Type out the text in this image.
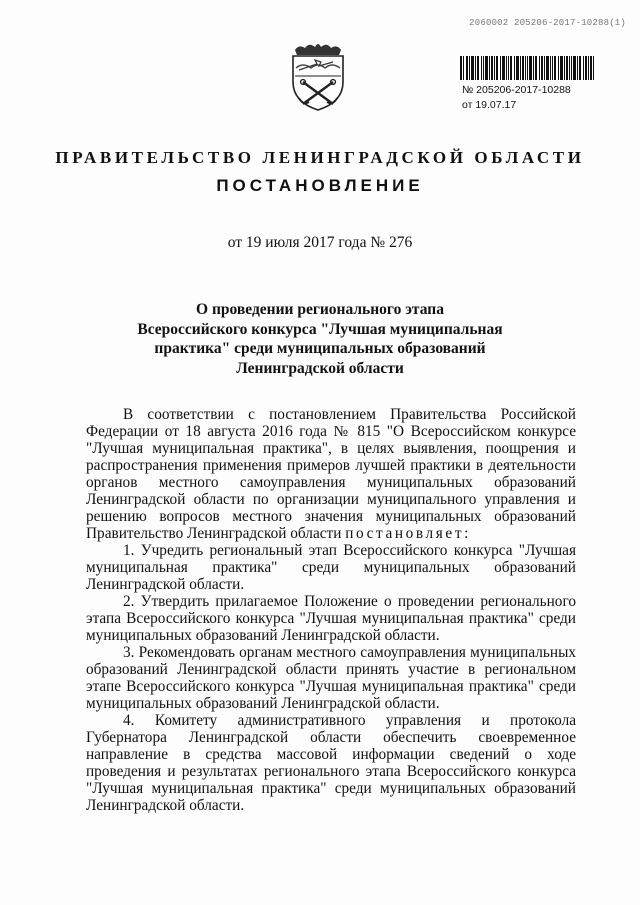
2060002 205206-2017-10288(1)
№ 205206-2017-10288
от 19.07.17
ПРАВИТЕЛЬСТВО ЛЕНИНГРАДСКОЙ ОБЛАСТИ
ПОСТАНОВЛЕНИЕ
от 19 июля 2017 года № 276
О проведении регионального этапа
Всероссийского конкурса "Лучшая муниципальная
практика" среди муниципальных образований
Ленинградской области

В соответствии с постановлением Правительства Российской Федерации от 18 августа 2016 года № 815 "О Всероссийском конкурсе "Лучшая муниципальная практика", в целях выявления, поощрения и распространения применения примеров лучшей практики в деятельности органов местного самоуправления муниципальных образований Ленинградской области по организации муниципального управления и решению вопросов местного значения муниципальных образований Правительство Ленинградской области постановляет:

1. Учредить региональный этап Всероссийского конкурса "Лучшая муниципальная практика" среди муниципальных образований Ленинградской области.

2. Утвердить прилагаемое Положение о проведении регионального этапа Всероссийского конкурса "Лучшая муниципальная практика" среди муниципальных образований Ленинградской области.

3. Рекомендовать органам местного самоуправления муниципальных образований Ленинградской области принять участие в региональном этапе Всероссийского конкурса "Лучшая муниципальная практика" среди муниципальных образований Ленинградской области.

4. Комитету административного управления и протокола Губернатора Ленинградской области обеспечить своевременное направление в средства массовой информации сведений о ходе проведения и результатах регионального этапа Всероссийского конкурса "Лучшая муниципальная практика" среди муниципальных образований Ленинградской области.
